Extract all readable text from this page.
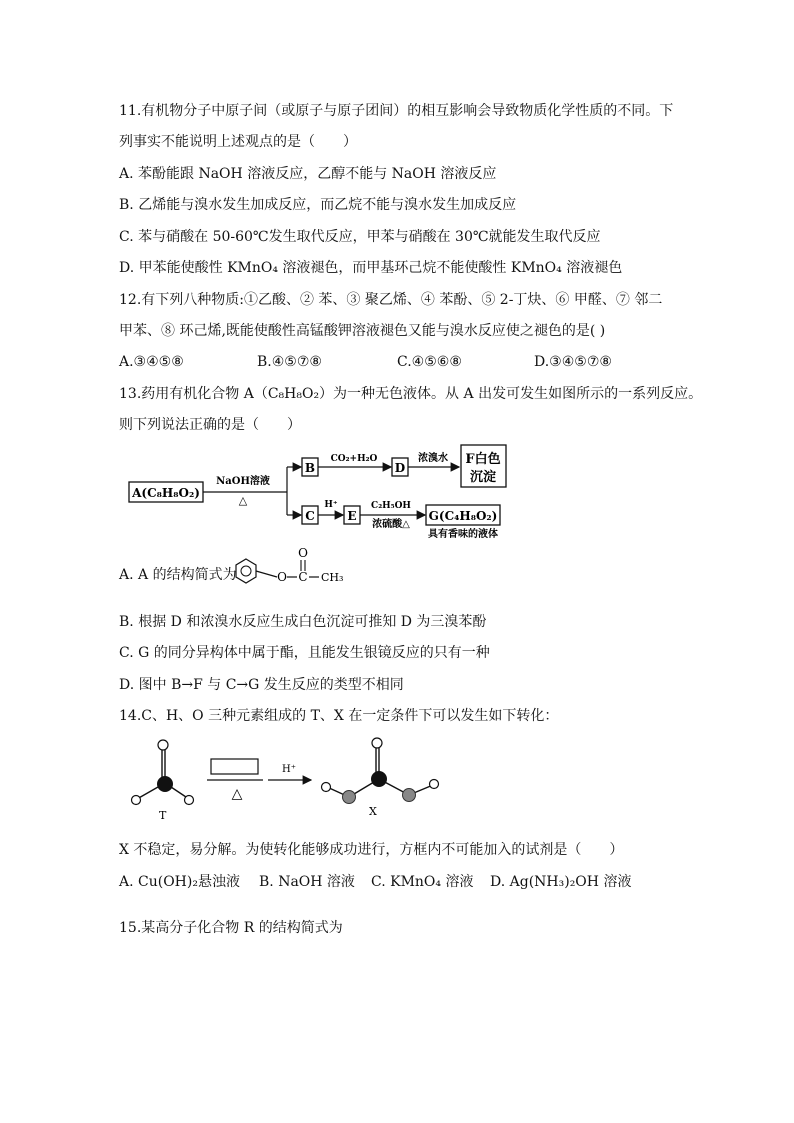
11.有机物分子中原子间（或原子与原子团间）的相互影响会导致物质化学性质的不同。下
列事实不能说明上述观点的是（　　）
A. 苯酚能跟 NaOH 溶液反应，乙醇不能与 NaOH 溶液反应
B. 乙烯能与溴水发生加成反应，而乙烷不能与溴水发生加成反应
C. 苯与硝酸在 50-60℃发生取代反应，甲苯与硝酸在 30℃就能发生取代反应
D. 甲苯能使酸性 KMnO₄ 溶液褪色，而甲基环己烷不能使酸性 KMnO₄ 溶液褪色
12.有下列八种物质:①乙酸、② 苯、③ 聚乙烯、④ 苯酚、⑤ 2-丁炔、⑥ 甲醛、⑦ 邻二
甲苯、⑧ 环己烯,既能使酸性高锰酸钾溶液褪色又能与溴水反应使之褪色的是( )
A.③④⑤⑧	B.④⑤⑦⑧	C.④⑤⑥⑧	D.③④⑤⑦⑧
13.药用有机化合物 A（C₈H₈O₂）为一种无色液体。从 A 出发可发生如图所示的一系列反应。
则下列说法正确的是（　　）
A(C₈H₈O₂)
NaOH溶液
△
B
CO₂+H₂O
D
浓溴水 F白色
沉淀
C
H⁺
E
C₂H₅OH
浓硫酸△
G(C₄H₈O₂)
具有香味的液体
A. A 的结构简式为	O C
O
CH₃
B. 根据 D 和浓溴水反应生成白色沉淀可推知 D 为三溴苯酚
C. G 的同分异构体中属于酯，且能发生银镜反应的只有一种
D. 图中 B→F 与 C→G 发生反应的类型不相同
14.C、H、O 三种元素组成的 T、X 在一定条件下可以发生如下转化：
T
△
H⁺
X
X 不稳定，易分解。为使转化能够成功进行，方框内不可能加入的试剂是（　　）
A. Cu(OH)₂悬浊液 B. NaOH 溶液 C. KMnO₄ 溶液 D. Ag(NH₃)₂OH 溶液
15.某高分子化合物 R 的结构简式为
